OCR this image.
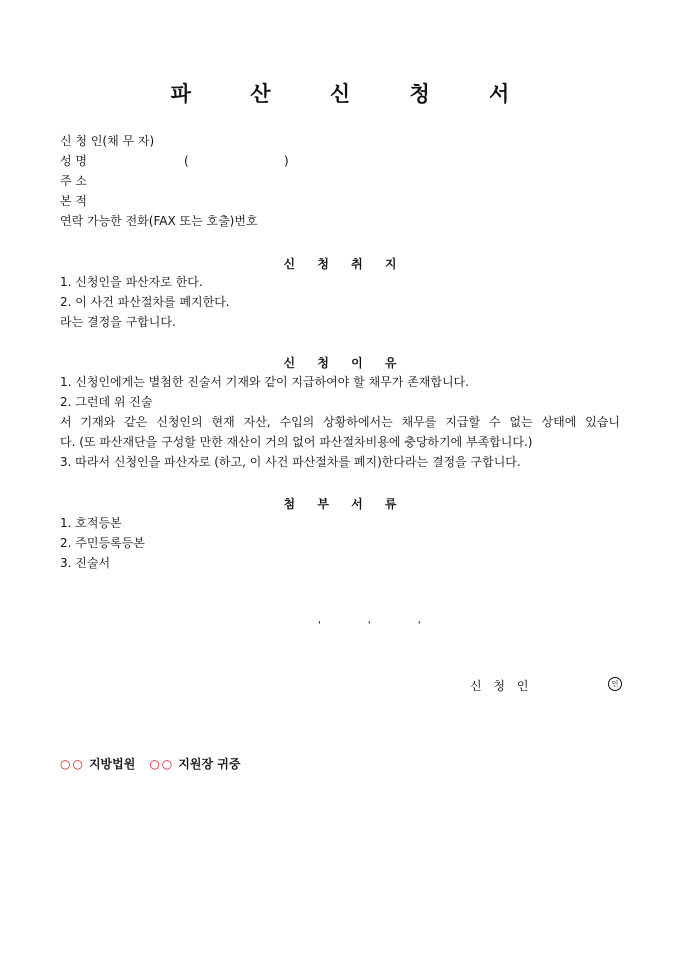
파 산 신 청 서
신 청 인(채 무 자)
성 명	(	)
주 소
본 적
연락 가능한 전화(FAX 또는 호출)번호
신 청 취 지
1. 신청인을 파산자로 한다.
2. 이 사건 파산절차를 폐지한다.
라는 결정을 구합니다.
신 청 이 유
1. 신청인에게는 별첨한 진술서 기재와 같이 지급하여야 할 채무가 존재합니다.
2. 그런데 위 진술
서 기재와 같은 신청인의 현재 자산, 수입의 상황하에서는 채무를 지급할 수 없는 상태에 있습니
다. (또 파산재단을 구성할 만한 재산이 거의 없어 파산절차비용에 충당하기에 부족합니다.)
3. 따라서 신청인을 파산자로 (하고, 이 사건 파산절차를 폐지)한다라는 결정을 구합니다.
첨 부 서 류
1. 호적등본
2. 주민등록등본
3. 진술서
' ' '
신 청 인	인
○○ 지방법원 ○○ 지원장 귀중
